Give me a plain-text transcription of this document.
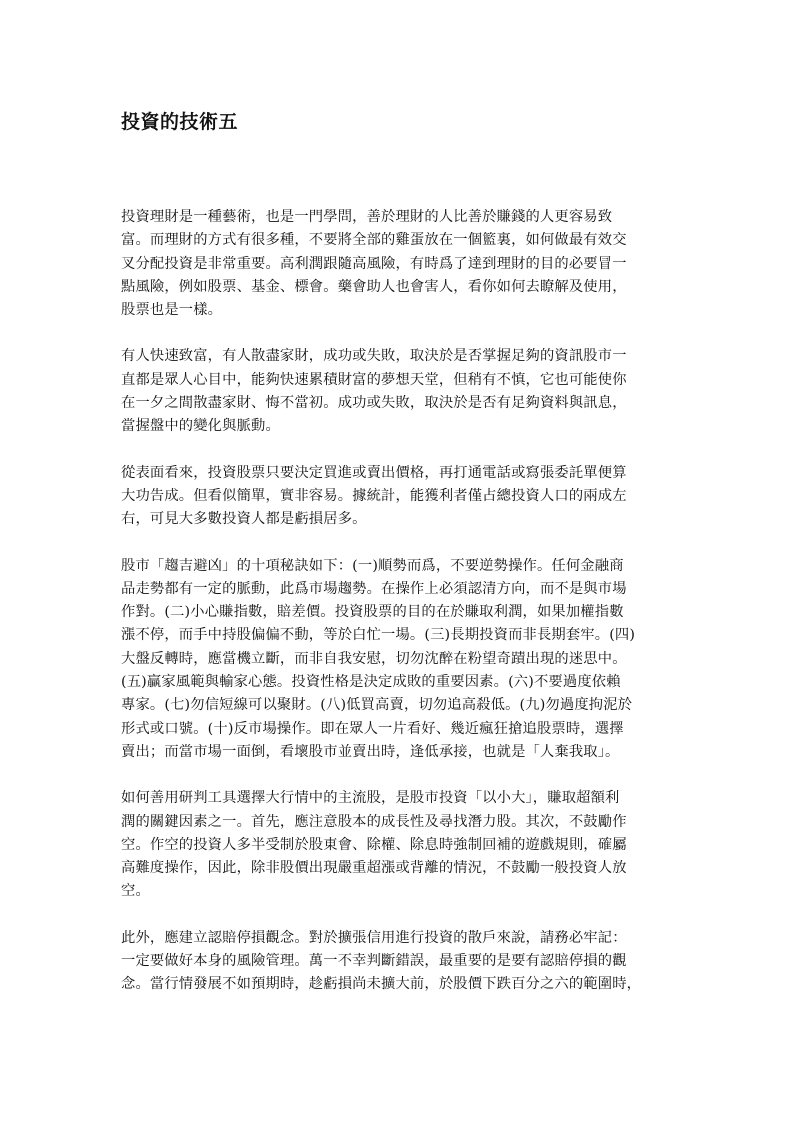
投資的技術五

投資理財是一種藝術，也是一門學問，善於理財的人比善於賺錢的人更容易致
富。而理財的方式有很多種，不要將全部的雞蛋放在一個籃裏，如何做最有效交
叉分配投資是非常重要。高利潤跟隨高風險，有時爲了達到理財的目的必要冒一
點風險，例如股票、基金、標會。藥會助人也會害人，看你如何去瞭解及使用，
股票也是一樣。

有人快速致富，有人散盡家財，成功或失敗，取決於是否掌握足夠的資訊股市一
直都是眾人心目中，能夠快速累積財富的夢想天堂，但稍有不慎，它也可能使你
在一夕之間散盡家財、悔不當初。成功或失敗，取決於是否有足夠資料與訊息，
當握盤中的變化與脈動。

從表面看來，投資股票只要決定買進或賣出價格，再打通電話或寫張委託單便算
大功告成。但看似簡單，實非容易。據統計，能獲利者僅占總投資人口的兩成左
右，可見大多數投資人都是虧損居多。

股市「趨吉避凶」的十項秘訣如下：(一)順勢而爲，不要逆勢操作。任何金融商
品走勢都有一定的脈動，此爲市場趨勢。在操作上必須認清方向，而不是與市場
作對。(二)小心賺指數，賠差價。投資股票的目的在於賺取利潤，如果加權指數
漲不停，而手中持股偏偏不動，等於白忙一場。(三)長期投資而非長期套牢。(四)
大盤反轉時，應當機立斷，而非自我安慰，切勿沈醉在粉望奇蹟出現的迷思中。
(五)贏家風範與輸家心態。投資性格是決定成敗的重要因素。(六)不要過度依賴
專家。(七)勿信短線可以聚財。(八)低買高賣，切勿追高殺低。(九)勿過度拘泥於
形式或口號。(十)反市場操作。即在眾人一片看好、幾近瘋狂搶追股票時，選擇
賣出；而當市場一面倒，看壞股市並賣出時，逢低承接，也就是「人棄我取」。

如何善用研判工具選擇大行情中的主流股，是股市投資「以小大」，賺取超額利
潤的關鍵因素之一。首先，應注意股本的成長性及尋找潛力股。其次，不鼓勵作
空。作空的投資人多半受制於股東會、除權、除息時強制回補的遊戲規則，確屬
高難度操作，因此，除非股價出現嚴重超漲或背離的情況，不鼓勵一般投資人放
空。

此外，應建立認賠停損觀念。對於擴張信用進行投資的散戶來說，請務必牢記：
一定要做好本身的風險管理。萬一不幸判斷錯誤，最重要的是要有認賠停損的觀
念。當行情發展不如預期時，趁虧損尚未擴大前，於股價下跌百分之六的範圍時，
